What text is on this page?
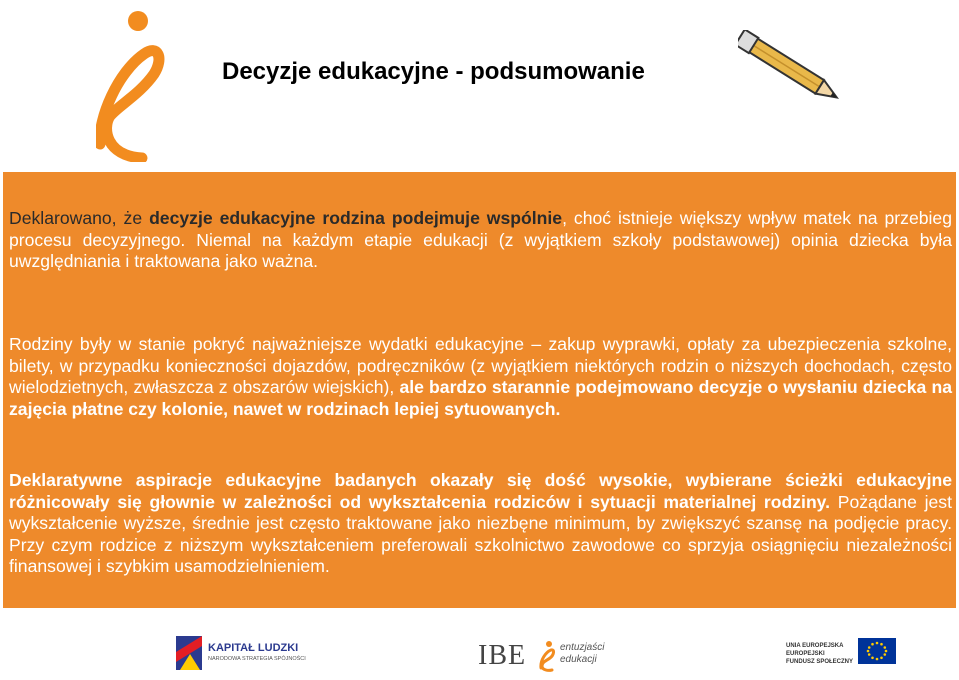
Decyzje edukacyjne - podsumowanie

Deklarowano, że decyzje edukacyjne rodzina podejmuje wspólnie, choć istnieje większy wpływ matek na przebieg procesu decyzyjnego. Niemal na każdym etapie edukacji (z wyjątkiem szkoły podstawowej) opinia dziecka była uwzględniania i traktowana jako ważna.

Rodziny były w stanie pokryć najważniejsze wydatki edukacyjne – zakup wyprawki, opłaty za ubezpieczenia szkolne, bilety, w przypadku konieczności dojazdów, podręczników (z wyjątkiem niektórych rodzin o niższych dochodach, często wielodzietnych, zwłaszcza z obszarów wiejskich), ale bardzo starannie podejmowano decyzje o wysłaniu dziecka na zajęcia płatne czy kolonie, nawet w rodzinach lepiej sytuowanych.

Deklaratywne aspiracje edukacyjne badanych okazały się dość wysokie, wybierane ścieżki edukacyjne różnicowały się głownie w zależności od wykształcenia rodziców i sytuacji materialnej rodziny. Pożądane jest wykształcenie wyższe, średnie jest często traktowane jako niezbęne minimum, by zwiększyć szansę na podjęcie pracy. Przy czym rodzice z niższym wykształceniem preferowali szkolnictwo zawodowe co sprzyja osiągnięciu niezależności finansowej i szybkim usamodzielnieniem.

KAPITAŁ LUDZKI
NARODOWA STRATEGIA SPÓJNOŚCI	IBE	entuzjaści
edukacji
UNIA EUROPEJSKA
EUROPEJSKI
FUNDUSZ SPOŁECZNY
